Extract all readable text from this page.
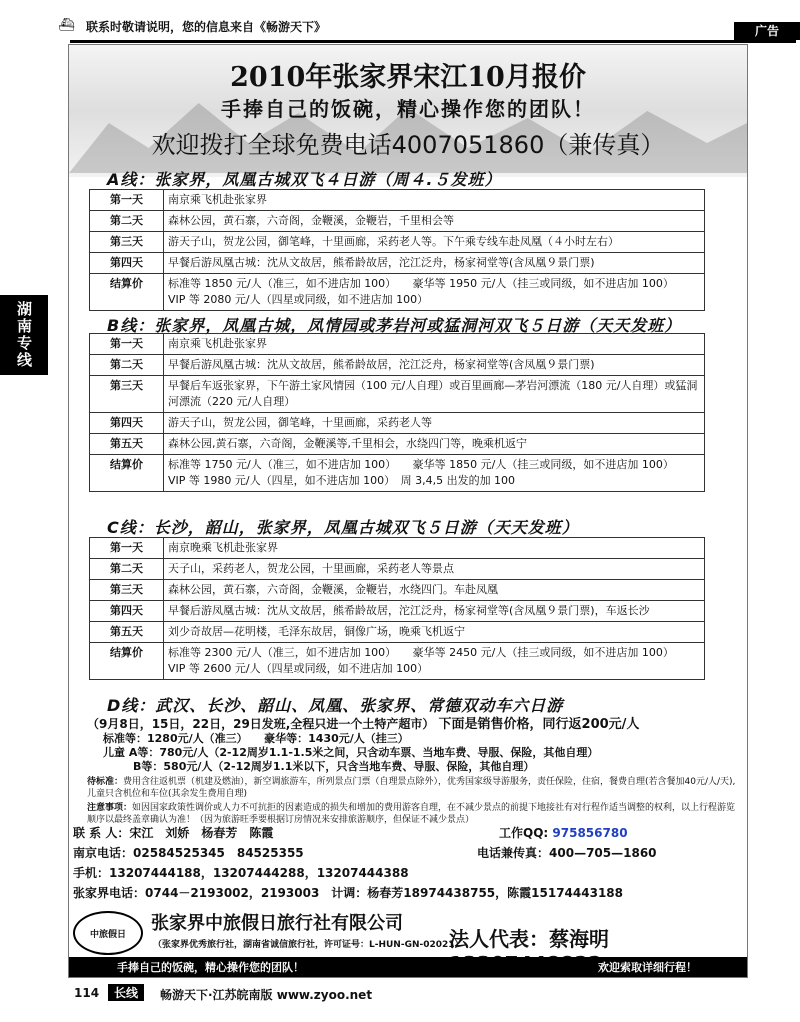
⛴ 联系时敬请说明，您的信息来自《畅游天下》	广告
湖南专线
2010年张家界宋江10月报价
手捧自己的饭碗，精心操作您的团队！
欢迎拨打全球免费电话4007051860（兼传真）
A线：张家界，凤凰古城双飞４日游（周４.５发班）
第一天	南京乘飞机赴张家界
第二天	森林公园，黄石寨，六奇阁，金鞭溪，金鞭岩，千里相会等
第三天	游天子山，贺龙公园，御笔峰，十里画廊，采药老人等。下午乘专线车赴凤凰（４小时左右）
第四天	早餐后游凤凰古城：沈从文故居，熊希龄故居，沱江泛舟，杨家祠堂等(含凤凰９景门票)
结算价	标准等 1850 元/人（准三，如不进店加 100）　　豪华等 1950 元/人（挂三或同级，如不进店加 100）　　VIP 等 2080 元/人（四星或同级，如不进店加 100）
B线：张家界，凤凰古城，凤情园或茅岩河或猛洞河双飞５日游（天天发班）
第一天	南京乘飞机赴张家界
第二天	早餐后游凤凰古城：沈从文故居，熊希龄故居，沱江泛舟，杨家祠堂等(含凤凰９景门票)
第三天	早餐后车返张家界，下午游土家风情园（100 元/人自理）或百里画廊—茅岩河漂流（180 元/人自理）或猛洞河漂流（220 元/人自理）
第四天	游天子山，贺龙公园，御笔峰，十里画廊，采药老人等
第五天	森林公园,黄石寨，六奇阁，金鞭溪等,千里相会，水绕四门等，晚乘机返宁
结算价	标准等 1750 元/人（准三，如不进店加 100）　　豪华等 1850 元/人（挂三或同级，如不进店加 100）　　VIP 等 1980 元/人（四星，如不进店加 100）　周 3,4,5 出发的加 100
C线：长沙，韶山，张家界，凤凰古城双飞５日游（天天发班）
第一天	南京晚乘飞机赴张家界
第二天	天子山，采药老人，贺龙公园，十里画廊，采药老人等景点
第三天	森林公园，黄石寨，六奇阁，金鞭溪，金鞭岩，水绕四门。车赴凤凰
第四天	早餐后游凤凰古城：沈从文故居，熊希龄故居，沱江泛舟，杨家祠堂等(含凤凰９景门票)，车返长沙
第五天	刘少奇故居—花明楼，毛泽东故居，铜像广场，晚乘飞机返宁
结算价	标准等 2300 元/人（准三，如不进店加 100）　　豪华等 2450 元/人（挂三或同级，如不进店加 100）　　VIP 等 2600 元/人（四星或同级，如不进店加 100）
D线：武汉、长沙、韶山、凤凰、张家界、常德双动车六日游
（9月8日，15日，22日，29日发班,全程只进一个土特产超市） 下面是销售价格，同行返200元/人
标准等：1280元/人（准三）　　豪华等：1430元/人（挂三）
儿童 A等：780元/人（2-12周岁1.1-1.5米之间，只含动车票、当地车费、导服、保险，其他自理）
B等：580元/人（2-12周岁1.1米以下，只含当地车费、导服、保险，其他自理）
待标准：费用含往返机票（机建及燃油），新空调旅游车，所列景点门票（自理景点除外），优秀国家级导游服务，责任保险，住宿，餐费自理(若含餐加40元/人/天),儿童只含机位和车位(其余发生费用自理)
注意事项：如因国家政策性调价或人力不可抗拒的因素造成的损失和增加的费用游客自理，在不减少景点的前提下地接社有对行程作适当调整的权利，以上行程游览顺序以最终盖章确认为准！（因为旅游旺季要根据订房情况来安排旅游顺序，但保证不减少景点）
联 系 人：宋江　刘娇　杨春芳　陈霞	工作QQ: 975856780
南京电话：02584525345　84525355	电话兼传真：400—705—1860
手机：13207444188，13207444288，13207444388
张家界电话：0744－2193002，2193003　计调：杨春芳18974438755，陈霞15174443188
中旅假日
张家界中旅假日旅行社有限公司
（张家界优秀旅行社，湖南省诚信旅行社，许可证号：L-HUN-GN-02021）
法人代表：蔡海明
手捧自己的饭碗，精心操作您的团队！	欢迎索取详细行程！
114	长线	畅游天下·江苏皖南版 www.zyoo.net
